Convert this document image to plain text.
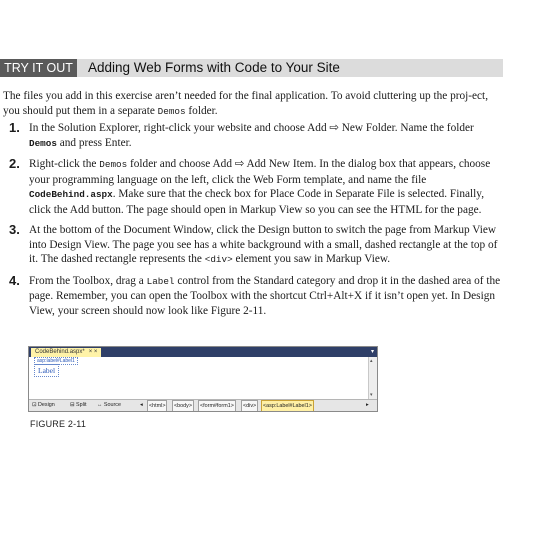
TRY IT OUT	Adding Web Forms with Code to Your Site

The files you add in this exercise aren’t needed for the final application. To avoid cluttering up the proj-ect, you should put them in a separate Demos folder.

1. In the Solution Explorer, right-click your website and choose Add ⇨ New Folder. Name the folder Demos and press Enter.
2. Right-click the Demos folder and choose Add ⇨ Add New Item. In the dialog box that appears, choose your programming language on the left, click the Web Form template, and name the file CodeBehind.aspx. Make sure that the check box for Place Code in Separate File is selected. Finally, click the Add button. The page should open in Markup View so you can see the HTML for the page.
3. At the bottom of the Document Window, click the Design button to switch the page from Markup View into Design View. The page you see has a white background with a small, dashed rectangle at the top of it. The dashed rectangle represents the <div> element you saw in Markup View.
4. From the Toolbox, drag a Label control from the Standard category and drop it in the dashed area of the page. Remember, you can open the Toolbox with the shortcut Ctrl+Alt+X if it isn’t open yet. In Design View, your screen should now look like Figure 2-11.
CodeBehind.aspx* × ×	▾
asp:label#Label1
Label
▴
▾
⊡ Design	⊟ Split ↔ Source	◂	<html>	<body>	<form#form1>	<div>	<asp:Label#Label1>	▸
FIGURE 2-11
